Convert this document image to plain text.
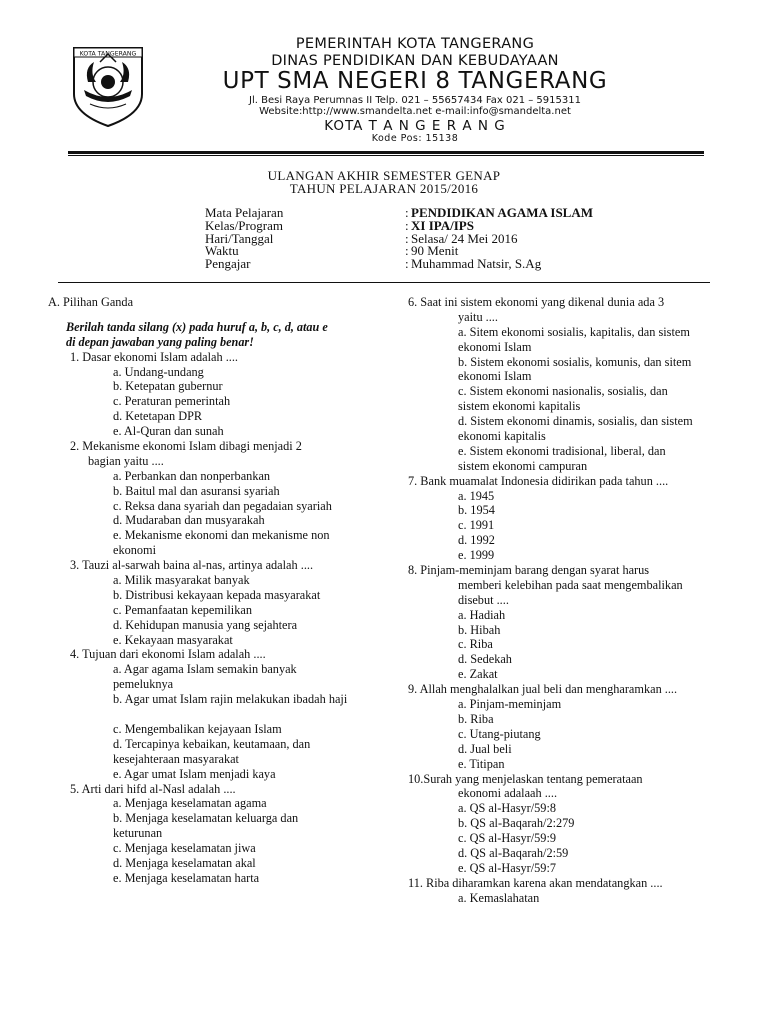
KOTA TANGERANG
PEMERINTAH KOTA TANGERANG
DINAS PENDIDIKAN DAN KEBUDAYAAN
UPT SMA NEGERI 8 TANGERANG
Jl. Besi Raya Perumnas II Telp. 021 – 55657434 Fax 021 – 5915311
Website:http://www.smandelta.net e-mail:info@smandelta.net
KOTA T A N G E R A N G
Kode Pos: 15138
ULANGAN AKHIR SEMESTER GENAP
TAHUN PELAJARAN 2015/2016
Mata Pelajaran	: PENDIDIKAN AGAMA ISLAM
Kelas/Program	: XI IPA/IPS
Hari/Tanggal	: Selasa/ 24 Mei 2016
Waktu	: 90 Menit
Pengajar	: Muhammad Natsir, S.Ag
A. Pilihan Ganda
Berilah tanda silang (x) pada huruf a, b, c, d, atau e
di depan jawaban yang paling benar!
1. Dasar ekonomi Islam adalah ....
a. Undang-undang
b. Ketepatan gubernur
c. Peraturan pemerintah
d. Ketetapan DPR
e. Al-Quran dan sunah
2. Mekanisme ekonomi Islam dibagi menjadi 2
bagian yaitu ....
a. Perbankan dan nonperbankan
b. Baitul mal dan asuransi syariah
c. Reksa dana syariah dan pegadaian syariah
d. Mudaraban dan musyarakah
e. Mekanisme ekonomi dan mekanisme non
ekonomi
3. Tauzi al-sarwah baina al-nas, artinya adalah ....
a. Milik masyarakat banyak
b. Distribusi kekayaan kepada masyarakat
c. Pemanfaatan kepemilikan
d. Kehidupan manusia yang sejahtera
e. Kekayaan masyarakat
4. Tujuan dari ekonomi Islam adalah ....
a. Agar agama Islam semakin banyak
pemeluknya
b. Agar umat Islam rajin melakukan ibadah haji
c. Mengembalikan kejayaan Islam
d. Tercapinya kebaikan, keutamaan, dan
kesejahteraan masyarakat
e. Agar umat Islam menjadi kaya
5. Arti dari hifd al-Nasl adalah ....
a. Menjaga keselamatan agama
b. Menjaga keselamatan keluarga dan
keturunan
c. Menjaga keselamatan jiwa
d. Menjaga keselamatan akal
e. Menjaga keselamatan harta
6. Saat ini sistem ekonomi yang dikenal dunia ada 3
yaitu ....
a. Sitem ekonomi sosialis, kapitalis, dan sistem
ekonomi Islam
b. Sistem ekonomi sosialis, komunis, dan sitem
ekonomi Islam
c. Sistem ekonomi nasionalis, sosialis, dan
sistem ekonomi kapitalis
d. Sistem ekonomi dinamis, sosialis, dan sistem
ekonomi kapitalis
e. Sistem ekonomi tradisional, liberal, dan
sistem ekonomi campuran
7. Bank muamalat Indonesia didirikan pada tahun ....
a. 1945
b. 1954
c. 1991
d. 1992
e. 1999
8. Pinjam-meminjam barang dengan syarat harus
memberi kelebihan pada saat mengembalikan
disebut ....
a. Hadiah
b. Hibah
c. Riba
d. Sedekah
e. Zakat
9. Allah menghalalkan jual beli dan mengharamkan ....
a. Pinjam-meminjam
b. Riba
c. Utang-piutang
d. Jual beli
e. Titipan
10.Surah yang menjelaskan tentang pemerataan
ekonomi adalaah ....
a. QS al-Hasyr/59:8
b. QS al-Baqarah/2:279
c. QS al-Hasyr/59:9
d. QS al-Baqarah/2:59
e. QS al-Hasyr/59:7
11. Riba diharamkan karena akan mendatangkan ....
a. Kemaslahatan
